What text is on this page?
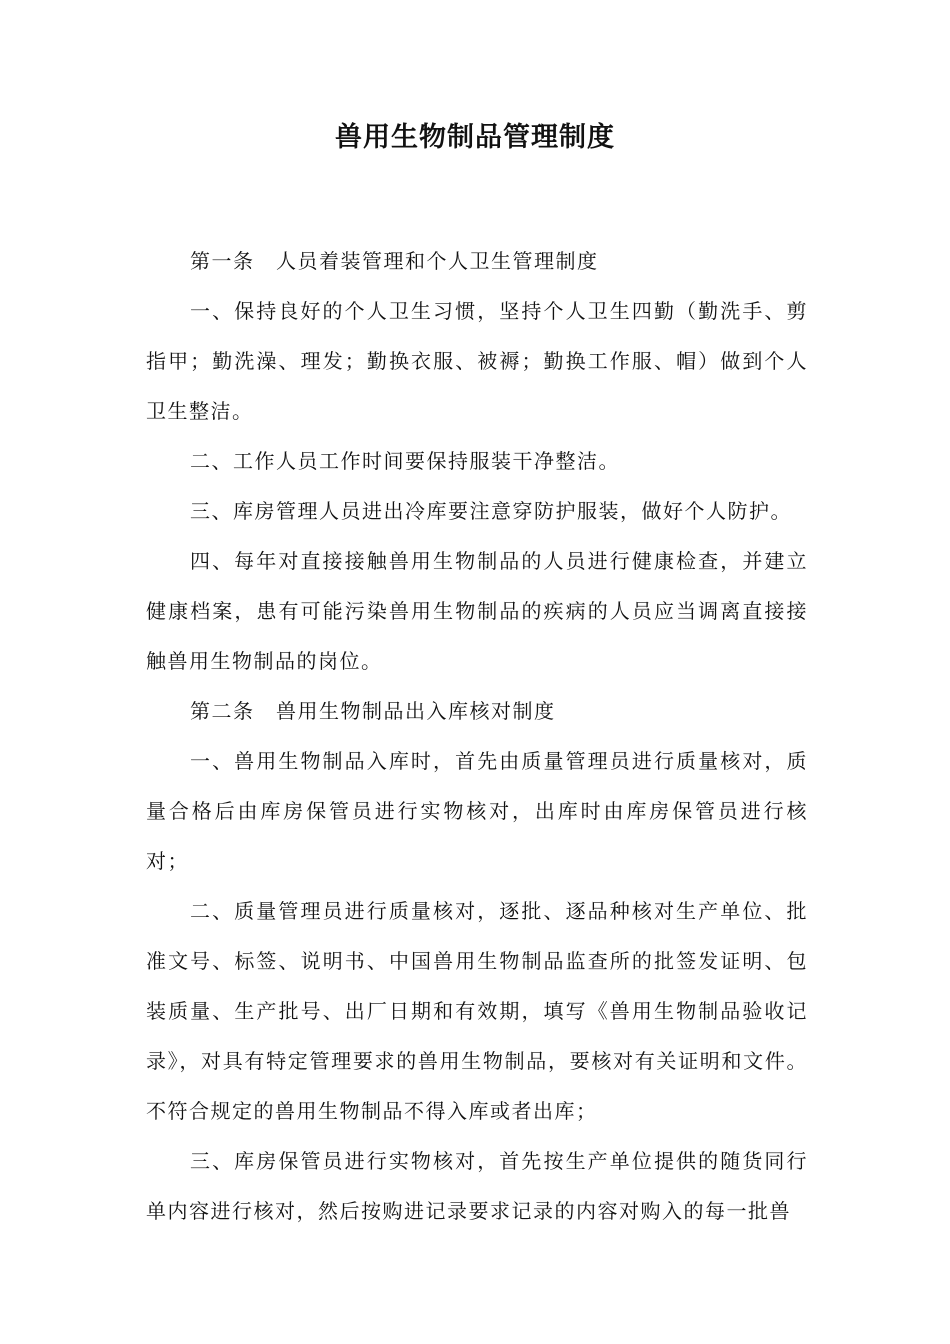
兽用生物制品管理制度

第一条　人员着装管理和个人卫生管理制度

一、保持良好的个人卫生习惯，坚持个人卫生四勤（勤洗手、剪指甲；勤洗澡、理发；勤换衣服、被褥；勤换工作服、帽）做到个人卫生整洁。

二、工作人员工作时间要保持服装干净整洁。

三、库房管理人员进出冷库要注意穿防护服装，做好个人防护。

四、每年对直接接触兽用生物制品的人员进行健康检查，并建立健康档案，患有可能污染兽用生物制品的疾病的人员应当调离直接接触兽用生物制品的岗位。

第二条　兽用生物制品出入库核对制度

一、兽用生物制品入库时，首先由质量管理员进行质量核对，质量合格后由库房保管员进行实物核对，出库时由库房保管员进行核对；

二、质量管理员进行质量核对，逐批、逐品种核对生产单位、批准文号、标签、说明书、中国兽用生物制品监查所的批签发证明、包装质量、生产批号、出厂日期和有效期，填写《兽用生物制品验收记录》，对具有特定管理要求的兽用生物制品，要核对有关证明和文件。不符合规定的兽用生物制品不得入库或者出库；

三、库房保管员进行实物核对，首先按生产单位提供的随货同行单内容进行核对，然后按购进记录要求记录的内容对购入的每一批兽
